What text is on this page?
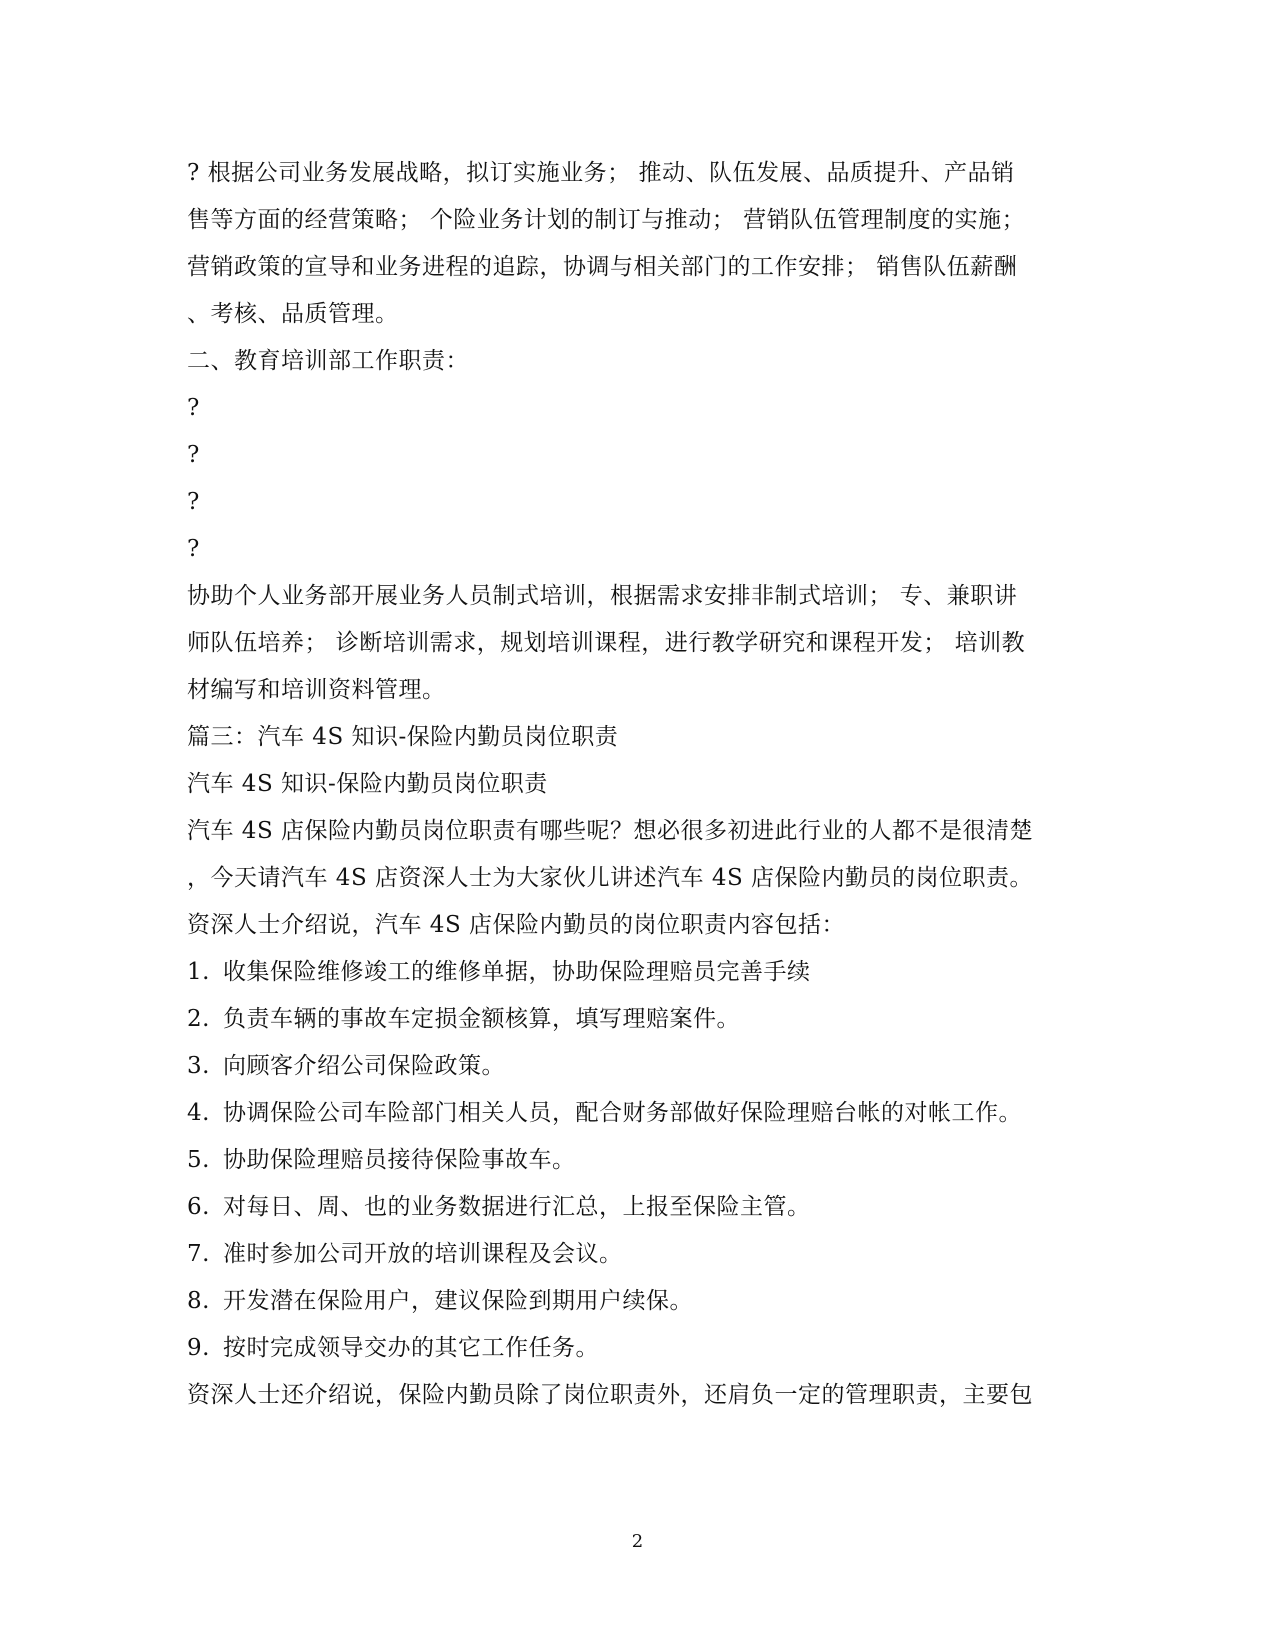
? 根据公司业务发展战略，拟订实施业务； 推动、队伍发展、品质提升、产品销
售等方面的经营策略； 个险业务计划的制订与推动； 营销队伍管理制度的实施；
营销政策的宣导和业务进程的追踪，协调与相关部门的工作安排； 销售队伍薪酬
、考核、品质管理。
二、教育培训部工作职责：
?
?
?
?
协助个人业务部开展业务人员制式培训，根据需求安排非制式培训； 专、兼职讲
师队伍培养； 诊断培训需求，规划培训课程，进行教学研究和课程开发； 培训教
材编写和培训资料管理。
篇三：汽车 4S 知识-保险内勤员岗位职责
汽车 4S 知识-保险内勤员岗位职责
汽车 4S 店保险内勤员岗位职责有哪些呢？想必很多初进此行业的人都不是很清楚
，今天请汽车 4S 店资深人士为大家伙儿讲述汽车 4S 店保险内勤员的岗位职责。
资深人士介绍说，汽车 4S 店保险内勤员的岗位职责内容包括：
1. 收集保险维修竣工的维修单据，协助保险理赔员完善手续
2. 负责车辆的事故车定损金额核算，填写理赔案件。
3. 向顾客介绍公司保险政策。
4. 协调保险公司车险部门相关人员，配合财务部做好保险理赔台帐的对帐工作。
5. 协助保险理赔员接待保险事故车。
6. 对每日、周、也的业务数据进行汇总，上报至保险主管。
7. 准时参加公司开放的培训课程及会议。
8. 开发潜在保险用户，建议保险到期用户续保。
9. 按时完成领导交办的其它工作任务。
资深人士还介绍说，保险内勤员除了岗位职责外，还肩负一定的管理职责，主要包
2
